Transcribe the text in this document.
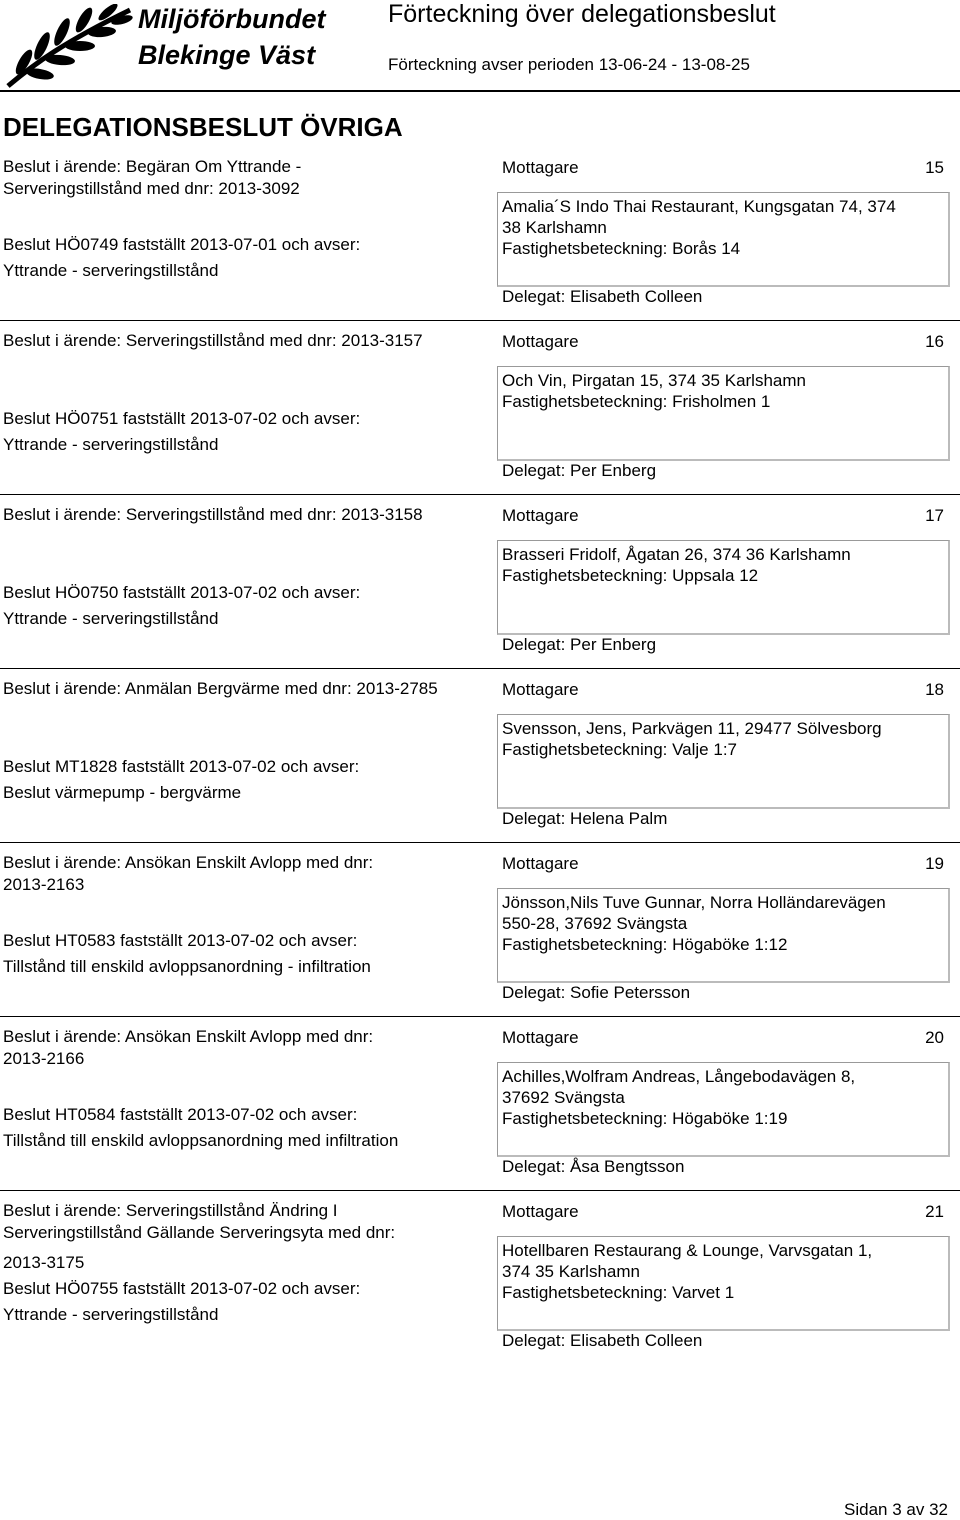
Miljöförbundet
Blekinge Väst
Förteckning över delegationsbeslut
Förteckning avser perioden 13-06-24 - 13-08-25
DELEGATIONSBESLUT ÖVRIGA
Beslut i ärende: Begäran Om Yttrande -
Serveringstillstånd med dnr: 2013-3092
Beslut HÖ0749 fastställt 2013-07-01 och avser:
Yttrande - serveringstillstånd
Mottagare	15
Amalia´S Indo Thai Restaurant, Kungsgatan 74, 374
38 Karlshamn
Fastighetsbeteckning: Borås 14
Delegat: Elisabeth Colleen
Beslut i ärende: Serveringstillstånd med dnr: 2013-3157
Beslut HÖ0751 fastställt 2013-07-02 och avser:
Yttrande - serveringstillstånd
Mottagare	16
Och Vin, Pirgatan 15, 374 35 Karlshamn
Fastighetsbeteckning: Frisholmen 1
Delegat: Per Enberg
Beslut i ärende: Serveringstillstånd med dnr: 2013-3158
Beslut HÖ0750 fastställt 2013-07-02 och avser:
Yttrande - serveringstillstånd
Mottagare	17
Brasseri Fridolf, Ågatan 26, 374 36 Karlshamn
Fastighetsbeteckning: Uppsala 12
Delegat: Per Enberg
Beslut i ärende: Anmälan Bergvärme med dnr: 2013-2785
Beslut MT1828 fastställt 2013-07-02 och avser:
Beslut värmepump - bergvärme
Mottagare	18
Svensson, Jens, Parkvägen 11, 29477 Sölvesborg
Fastighetsbeteckning: Valje 1:7
Delegat: Helena Palm
Beslut i ärende: Ansökan Enskilt Avlopp med dnr:
2013-2163
Beslut HT0583 fastställt 2013-07-02 och avser:
Tillstånd till enskild avloppsanordning - infiltration
Mottagare	19
Jönsson,Nils Tuve Gunnar, Norra Holländarevägen
550-28, 37692 Svängsta
Fastighetsbeteckning: Högaböke 1:12
Delegat: Sofie Petersson
Beslut i ärende: Ansökan Enskilt Avlopp med dnr:
2013-2166
Beslut HT0584 fastställt 2013-07-02 och avser:
Tillstånd till enskild avloppsanordning med infiltration
Mottagare	20
Achilles,Wolfram Andreas, Långebodavägen 8,
37692 Svängsta
Fastighetsbeteckning: Högaböke 1:19
Delegat: Åsa Bengtsson
Beslut i ärende: Serveringstillstånd Ändring I
Serveringstillstånd Gällande Serveringsyta med dnr:
2013-3175
Beslut HÖ0755 fastställt 2013-07-02 och avser:
Yttrande - serveringstillstånd
Mottagare	21
Hotellbaren Restaurang & Lounge, Varvsgatan 1,
374 35 Karlshamn
Fastighetsbeteckning: Varvet 1
Delegat: Elisabeth Colleen
Sidan 3 av 32
